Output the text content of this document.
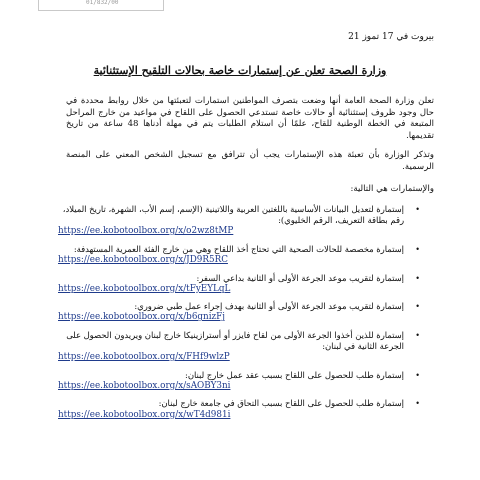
01/832/00
بيروت في 17 تموز 21
وزارة الصحة تعلن عن إستمارات خاصة بحالات التلقيح الإستثنائية
تعلن وزارة الصحة العامة أنها وضعت بتصرف المواطنين استمارات لتعبئتها من خلال روابط محددة في حال وجود ظروف إستثنائية أو حالات خاصة تستدعي الحصول على اللقاح في مواعيد من خارج المراحل المتبعة في الخطة الوطنية للقاح، علمًا أن استلام الطلبات يتم في مهلة أدناها 48 ساعة من تاريخ تقديمها.
وتذكر الوزارة بأن تعبئة هذه الإستمارات يجب أن تترافق مع تسجيل الشخص المعني على المنصة الرسمية.
والإستمارات هي التالية:
•
إستمارة لتعديل البيانات الأساسية باللغتين العربية واللاتينية (الإسم، إسم الأب، الشهرة، تاريخ الميلاد، رقم بطاقة التعريف، الرقم الخليوي):
https://ee.kobotoolbox.org/x/o2wz8tMP
•
إستمارة مخصصة للحالات الصحية التي تحتاج أخذ اللقاح وهي من خارج الفئة العمرية المستهدفة:
https://ee.kobotoolbox.org/x/JD9R5RC
•
إستمارة لتقريب موعد الجرعة الأولى أو الثانية بداعي السفر:
https://ee.kobotoolbox.org/x/tFyEYLqL
•
إستمارة لتقريب موعد الجرعة الأولى أو الثانية بهدف إجراء عمل طبي ضروري:
https://ee.kobotoolbox.org/x/b6gnizFj
•
إستمارة للذين أخذوا الجرعة الأولى من لقاح فايزر أو أسترازينيكا خارج لبنان ويريدون الحصول على الجرعة الثانية في لبنان:
https://ee.kobotoolbox.org/x/FHf9wlzP
•
إستمارة طلب للحصول على اللقاح بسبب عقد عمل خارج لبنان:
https://ee.kobotoolbox.org/x/sAOBY3ni
•
إستمارة طلب للحصول على اللقاح بسبب التحاق في جامعة خارج لبنان:
https://ee.kobotoolbox.org/x/wT4d981i
